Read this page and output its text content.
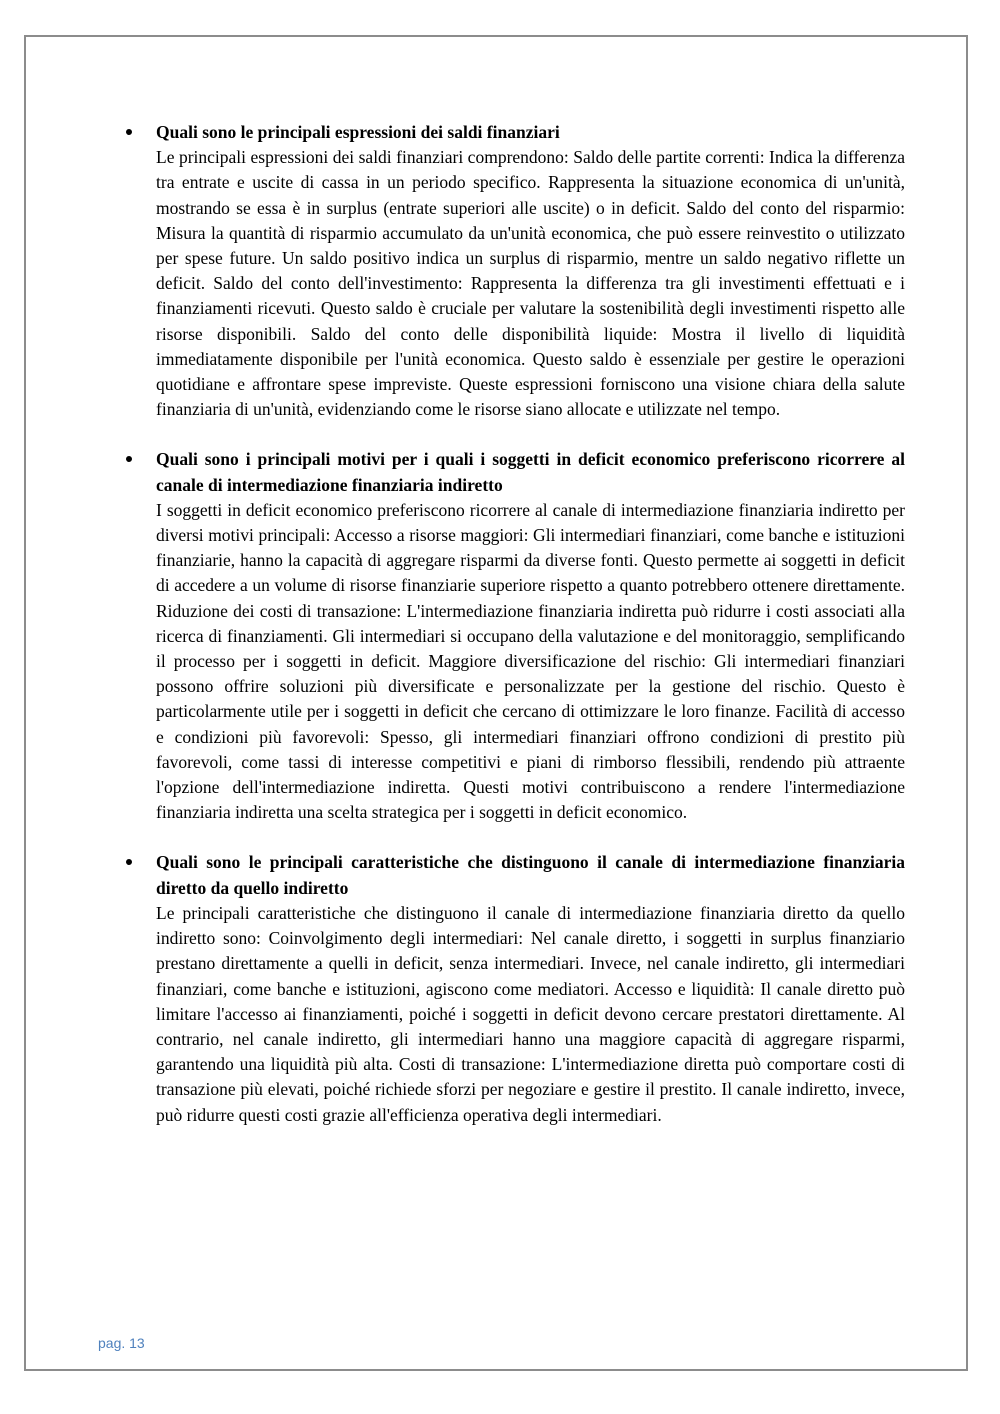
Quali sono le principali espressioni dei saldi finanziari

Le principali espressioni dei saldi finanziari comprendono: Saldo delle partite correnti: Indica la differenza tra entrate e uscite di cassa in un periodo specifico. Rappresenta la situazione economica di un'unità, mostrando se essa è in surplus (entrate superiori alle uscite) o in deficit. Saldo del conto del risparmio: Misura la quantità di risparmio accumulato da un'unità economica, che può essere reinvestito o utilizzato per spese future. Un saldo positivo indica un surplus di risparmio, mentre un saldo negativo riflette un deficit. Saldo del conto dell'investimento: Rappresenta la differenza tra gli investimenti effettuati e i finanziamenti ricevuti. Questo saldo è cruciale per valutare la sostenibilità degli investimenti rispetto alle risorse disponibili. Saldo del conto delle disponibilità liquide: Mostra il livello di liquidità immediatamente disponibile per l'unità economica. Questo saldo è essenziale per gestire le operazioni quotidiane e affrontare spese impreviste. Queste espressioni forniscono una visione chiara della salute finanziaria di un'unità, evidenziando come le risorse siano allocate e utilizzate nel tempo.

Quali sono i principali motivi per i quali i soggetti in deficit economico preferiscono ricorrere al canale di intermediazione finanziaria indiretto

I soggetti in deficit economico preferiscono ricorrere al canale di intermediazione finanziaria indiretto per diversi motivi principali: Accesso a risorse maggiori: Gli intermediari finanziari, come banche e istituzioni finanziarie, hanno la capacità di aggregare risparmi da diverse fonti. Questo permette ai soggetti in deficit di accedere a un volume di risorse finanziarie superiore rispetto a quanto potrebbero ottenere direttamente. Riduzione dei costi di transazione: L'intermediazione finanziaria indiretta può ridurre i costi associati alla ricerca di finanziamenti. Gli intermediari si occupano della valutazione e del monitoraggio, semplificando il processo per i soggetti in deficit. Maggiore diversificazione del rischio: Gli intermediari finanziari possono offrire soluzioni più diversificate e personalizzate per la gestione del rischio. Questo è particolarmente utile per i soggetti in deficit che cercano di ottimizzare le loro finanze. Facilità di accesso e condizioni più favorevoli: Spesso, gli intermediari finanziari offrono condizioni di prestito più favorevoli, come tassi di interesse competitivi e piani di rimborso flessibili, rendendo più attraente l'opzione dell'intermediazione indiretta. Questi motivi contribuiscono a rendere l'intermediazione finanziaria indiretta una scelta strategica per i soggetti in deficit economico.

Quali sono le principali caratteristiche che distinguono il canale di intermediazione finanziaria diretto da quello indiretto

Le principali caratteristiche che distinguono il canale di intermediazione finanziaria diretto da quello indiretto sono: Coinvolgimento degli intermediari: Nel canale diretto, i soggetti in surplus finanziario prestano direttamente a quelli in deficit, senza intermediari. Invece, nel canale indiretto, gli intermediari finanziari, come banche e istituzioni, agiscono come mediatori. Accesso e liquidità: Il canale diretto può limitare l'accesso ai finanziamenti, poiché i soggetti in deficit devono cercare prestatori direttamente. Al contrario, nel canale indiretto, gli intermediari hanno una maggiore capacità di aggregare risparmi, garantendo una liquidità più alta. Costi di transazione: L'intermediazione diretta può comportare costi di transazione più elevati, poiché richiede sforzi per negoziare e gestire il prestito. Il canale indiretto, invece, può ridurre questi costi grazie all'efficienza operativa degli intermediari.

pag. 13
